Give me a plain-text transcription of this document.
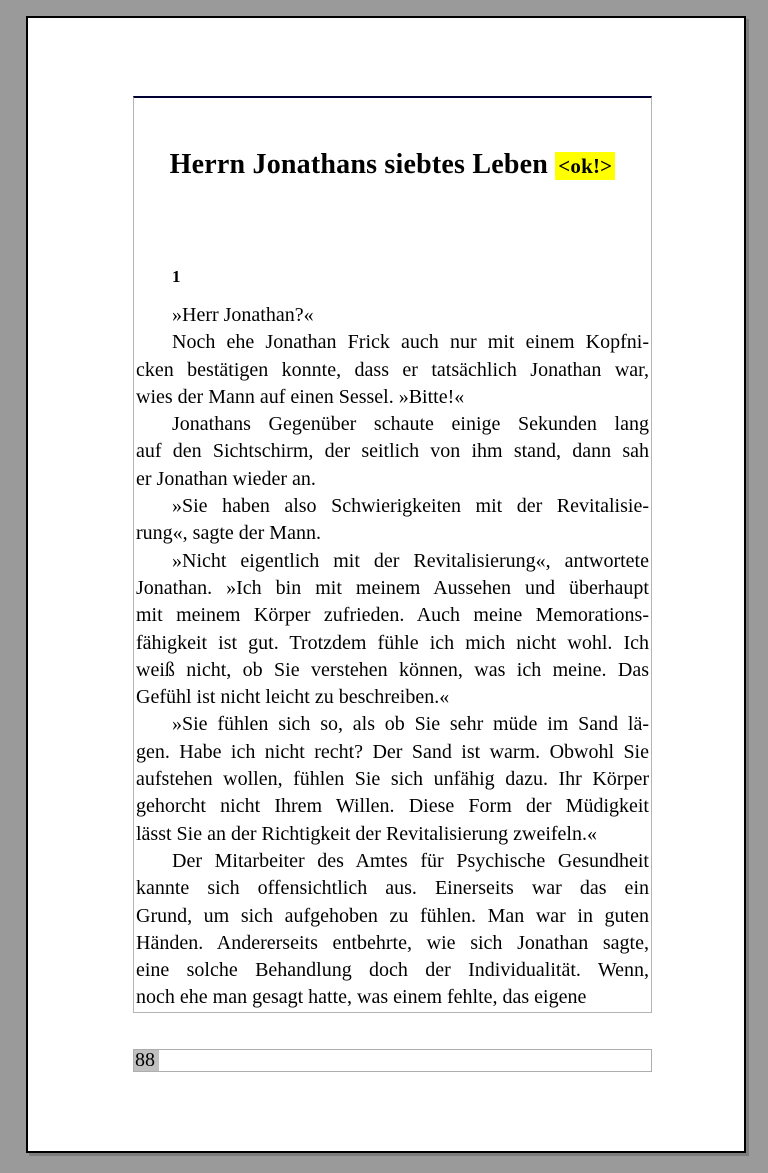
Herrn Jonathans siebtes Leben <ok!>
1
»Herr Jonathan?«
Noch ehe Jonathan Frick auch nur mit einem Kopfni-
cken bestätigen konnte, dass er tatsächlich Jonathan war,
wies der Mann auf einen Sessel. »Bitte!«
Jonathans Gegenüber schaute einige Sekunden lang
auf den Sichtschirm, der seitlich von ihm stand, dann sah
er Jonathan wieder an.
»Sie haben also Schwierigkeiten mit der Revitalisie-
rung«, sagte der Mann.
»Nicht eigentlich mit der Revitalisierung«, antwortete
Jonathan. »Ich bin mit meinem Aussehen und überhaupt
mit meinem Körper zufrieden. Auch meine Memorations-
fähigkeit ist gut. Trotzdem fühle ich mich nicht wohl. Ich
weiß nicht, ob Sie verstehen können, was ich meine. Das
Gefühl ist nicht leicht zu beschreiben.«
»Sie fühlen sich so, als ob Sie sehr müde im Sand lä-
gen. Habe ich nicht recht? Der Sand ist warm. Obwohl Sie
aufstehen wollen, fühlen Sie sich unfähig dazu. Ihr Körper
gehorcht nicht Ihrem Willen. Diese Form der Müdigkeit
lässt Sie an der Richtigkeit der Revitalisierung zweifeln.«
Der Mitarbeiter des Amtes für Psychische Gesundheit
kannte sich offensichtlich aus. Einerseits war das ein
Grund, um sich aufgehoben zu fühlen. Man war in guten
Händen. Andererseits entbehrte, wie sich Jonathan sagte,
eine solche Behandlung doch der Individualität. Wenn,
noch ehe man gesagt hatte, was einem fehlte, das eigene
88
